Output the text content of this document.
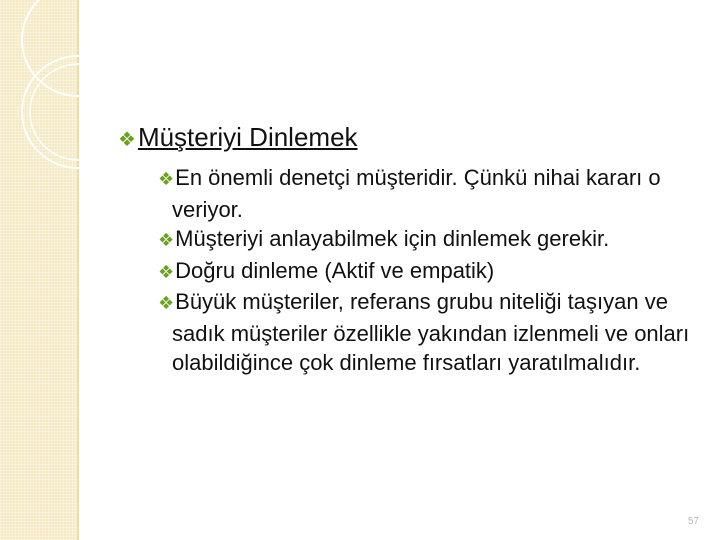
❖Müşteriyi Dinlemek
❖En önemli denetçi müşteridir. Çünkü nihai kararı o veriyor.
❖Müşteriyi anlayabilmek için dinlemek gerekir.
❖Doğru dinleme (Aktif ve empatik)
❖Büyük müşteriler, referans grubu niteliği taşıyan ve sadık müşteriler özellikle yakından izlenmeli ve onları olabildiğince çok dinleme fırsatları yaratılmalıdır.
57
